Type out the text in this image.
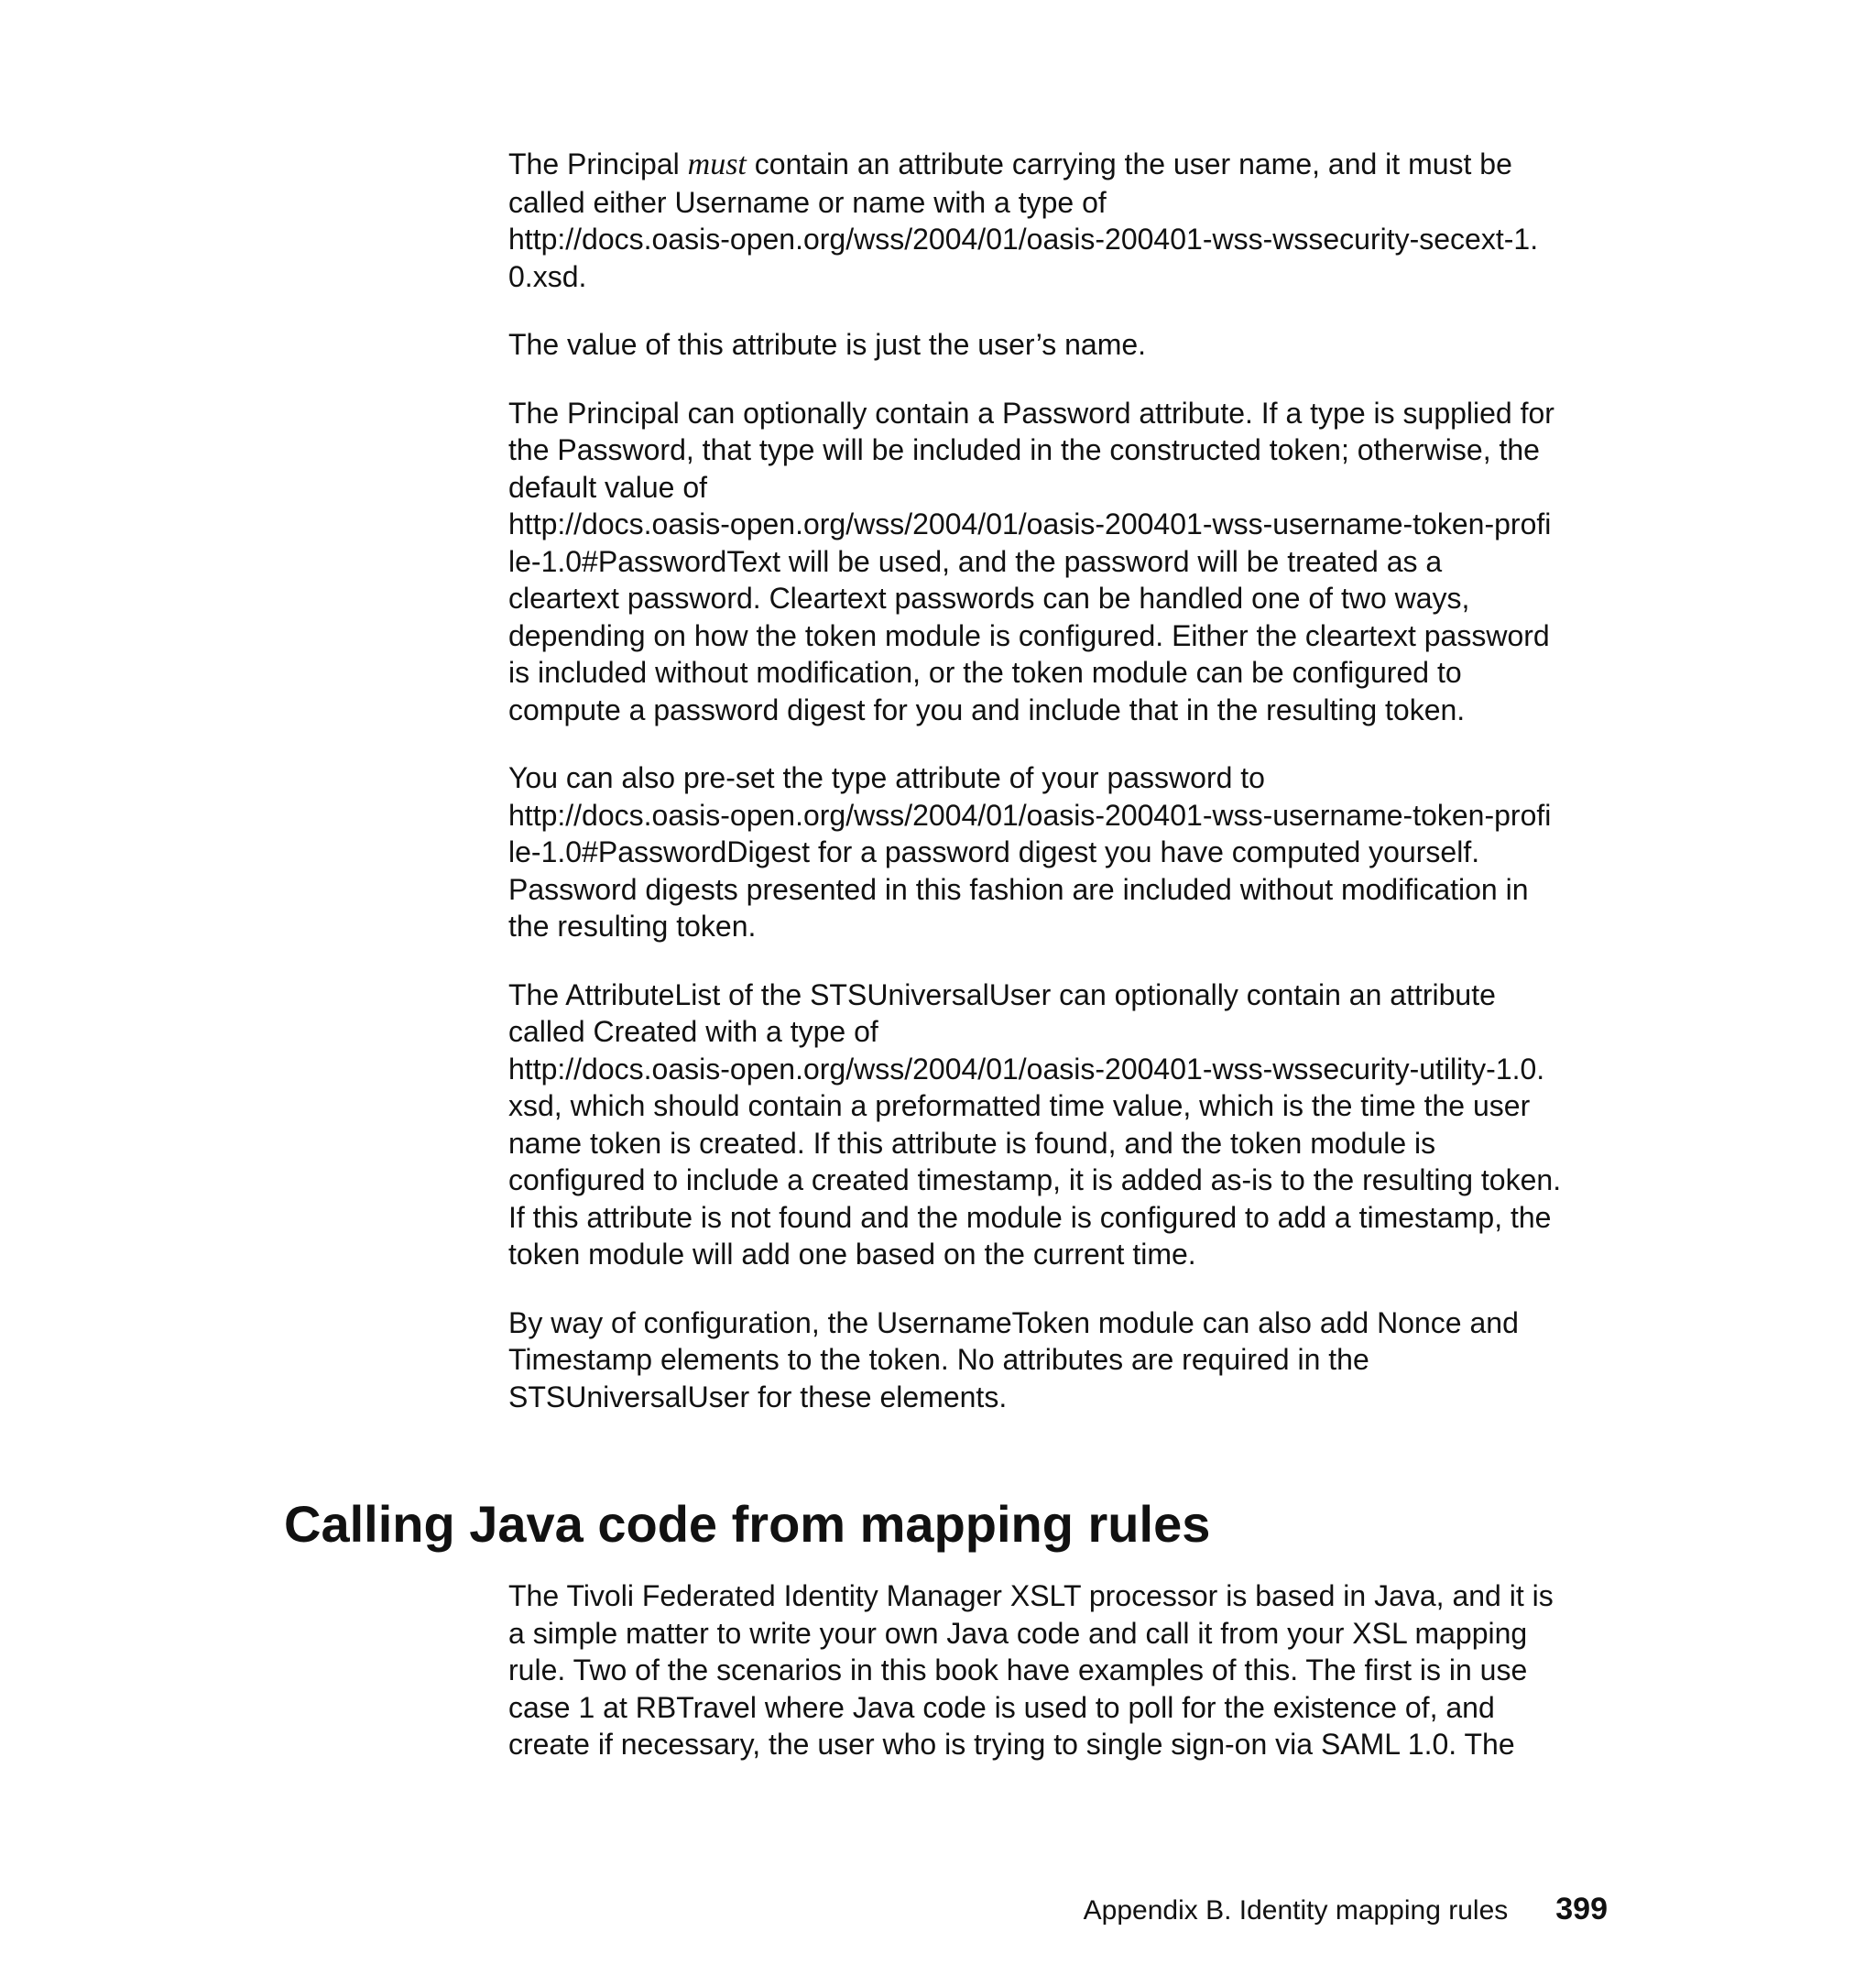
The Principal must contain an attribute carrying the user name, and it must be
called either Username or name with a type of
http://docs.oasis-open.org/wss/2004/01/oasis-200401-wss-wssecurity-secext-1.
0.xsd.

The value of this attribute is just the user’s name.

The Principal can optionally contain a Password attribute. If a type is supplied for
the Password, that type will be included in the constructed token; otherwise, the
default value of
http://docs.oasis-open.org/wss/2004/01/oasis-200401-wss-username-token-profi
le-1.0#PasswordText will be used, and the password will be treated as a
cleartext password. Cleartext passwords can be handled one of two ways,
depending on how the token module is configured. Either the cleartext password
is included without modification, or the token module can be configured to
compute a password digest for you and include that in the resulting token.

You can also pre-set the type attribute of your password to
http://docs.oasis-open.org/wss/2004/01/oasis-200401-wss-username-token-profi
le-1.0#PasswordDigest for a password digest you have computed yourself.
Password digests presented in this fashion are included without modification in
the resulting token.

The AttributeList of the STSUniversalUser can optionally contain an attribute
called Created with a type of
http://docs.oasis-open.org/wss/2004/01/oasis-200401-wss-wssecurity-utility-1.0.
xsd, which should contain a preformatted time value, which is the time the user
name token is created. If this attribute is found, and the token module is
configured to include a created timestamp, it is added as-is to the resulting token.
If this attribute is not found and the module is configured to add a timestamp, the
token module will add one based on the current time.

By way of configuration, the UsernameToken module can also add Nonce and
Timestamp elements to the token. No attributes are required in the
STSUniversalUser for these elements.

Calling Java code from mapping rules

The Tivoli Federated Identity Manager XSLT processor is based in Java, and it is
a simple matter to write your own Java code and call it from your XSL mapping
rule. Two of the scenarios in this book have examples of this. The first is in use
case 1 at RBTravel where Java code is used to poll for the existence of, and
create if necessary, the user who is trying to single sign-on via SAML 1.0. The

Appendix B. Identity mapping rules 399
